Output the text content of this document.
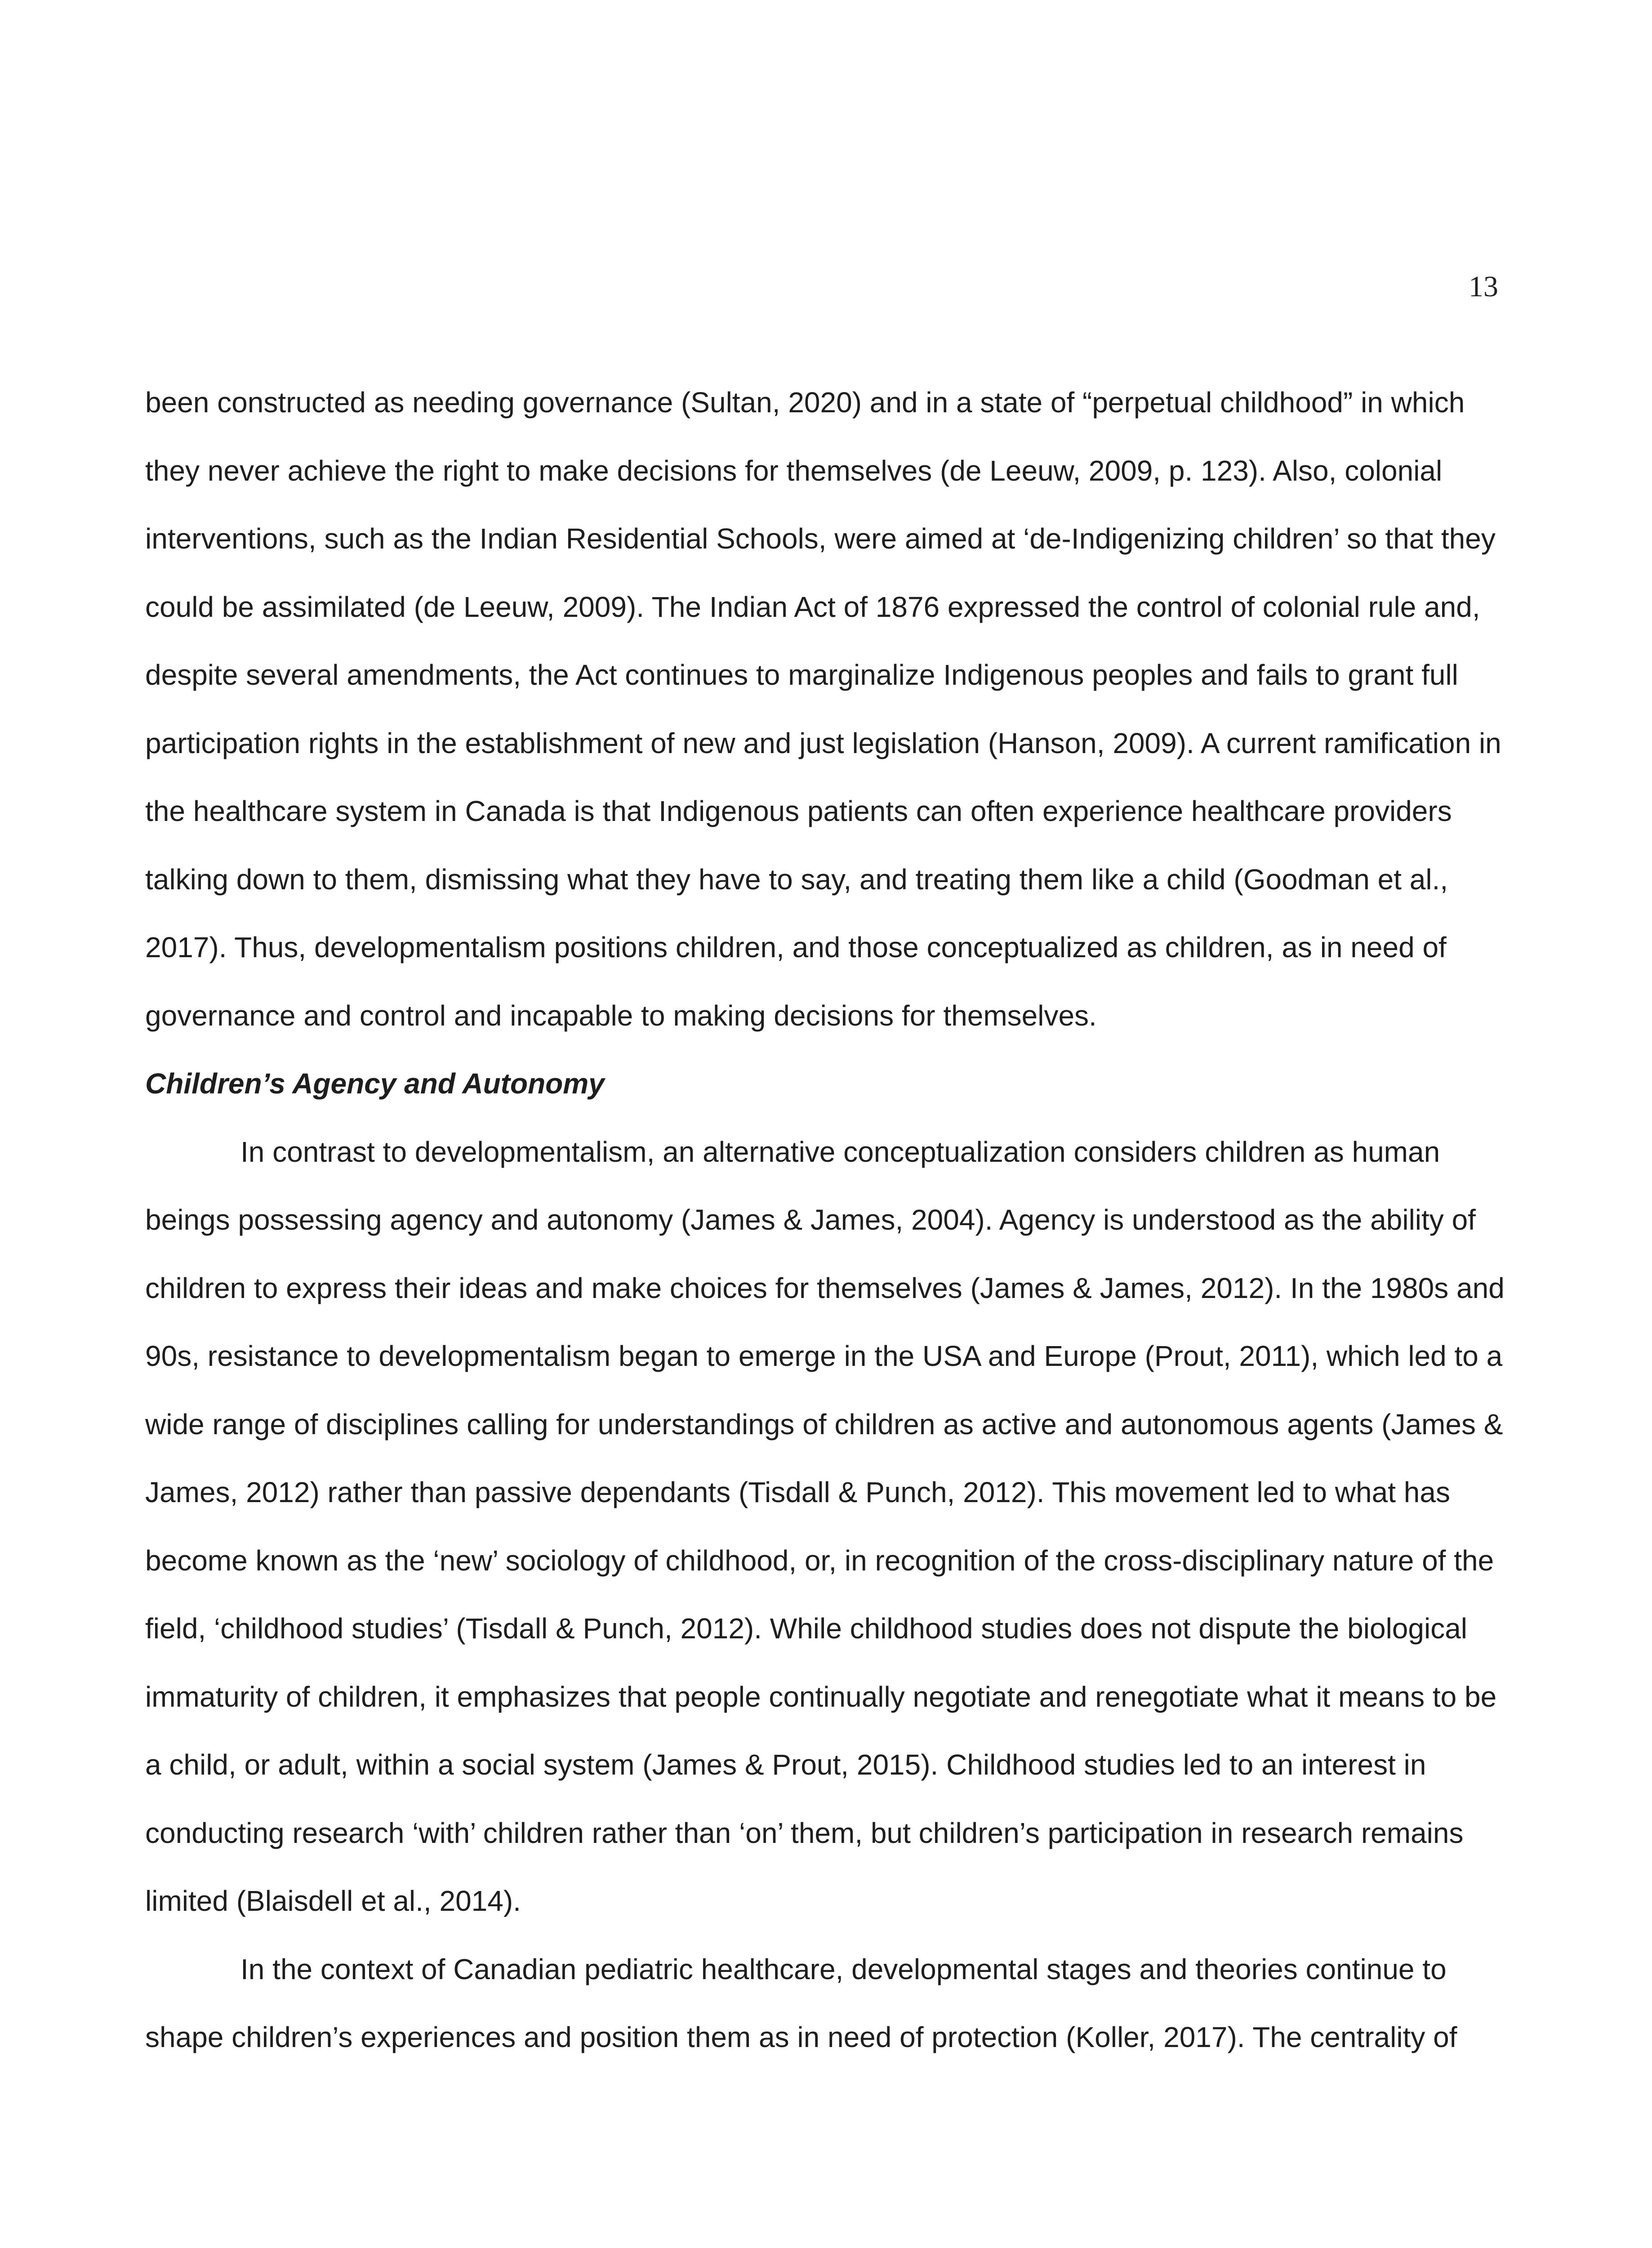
13

been constructed as needing governance (Sultan, 2020) and in a state of “perpetual childhood” in which they never achieve the right to make decisions for themselves (de Leeuw, 2009, p. 123). Also, colonial interventions, such as the Indian Residential Schools, were aimed at ‘de-Indigenizing children’ so that they could be assimilated (de Leeuw, 2009). The Indian Act of 1876 expressed the control of colonial rule and, despite several amendments, the Act continues to marginalize Indigenous peoples and fails to grant full participation rights in the establishment of new and just legislation (Hanson, 2009). A current ramification in the healthcare system in Canada is that Indigenous patients can often experience healthcare providers talking down to them, dismissing what they have to say, and treating them like a child (Goodman et al., 2017). Thus, developmentalism positions children, and those conceptualized as children, as in need of governance and control and incapable to making decisions for themselves.

Children’s Agency and Autonomy

In contrast to developmentalism, an alternative conceptualization considers children as human beings possessing agency and autonomy (James & James, 2004). Agency is understood as the ability of children to express their ideas and make choices for themselves (James & James, 2012). In the 1980s and 90s, resistance to developmentalism began to emerge in the USA and Europe (Prout, 2011), which led to a wide range of disciplines calling for understandings of children as active and autonomous agents (James & James, 2012) rather than passive dependants (Tisdall & Punch, 2012). This movement led to what has become known as the ‘new’ sociology of childhood, or, in recognition of the cross-disciplinary nature of the field, ‘childhood studies’ (Tisdall & Punch, 2012). While childhood studies does not dispute the biological immaturity of children, it emphasizes that people continually negotiate and renegotiate what it means to be a child, or adult, within a social system (James & Prout, 2015). Childhood studies led to an interest in conducting research ‘with’ children rather than ‘on’ them, but children’s participation in research remains limited (Blaisdell et al., 2014).

In the context of Canadian pediatric healthcare, developmental stages and theories continue to shape children’s experiences and position them as in need of protection (Koller, 2017). The centrality of
